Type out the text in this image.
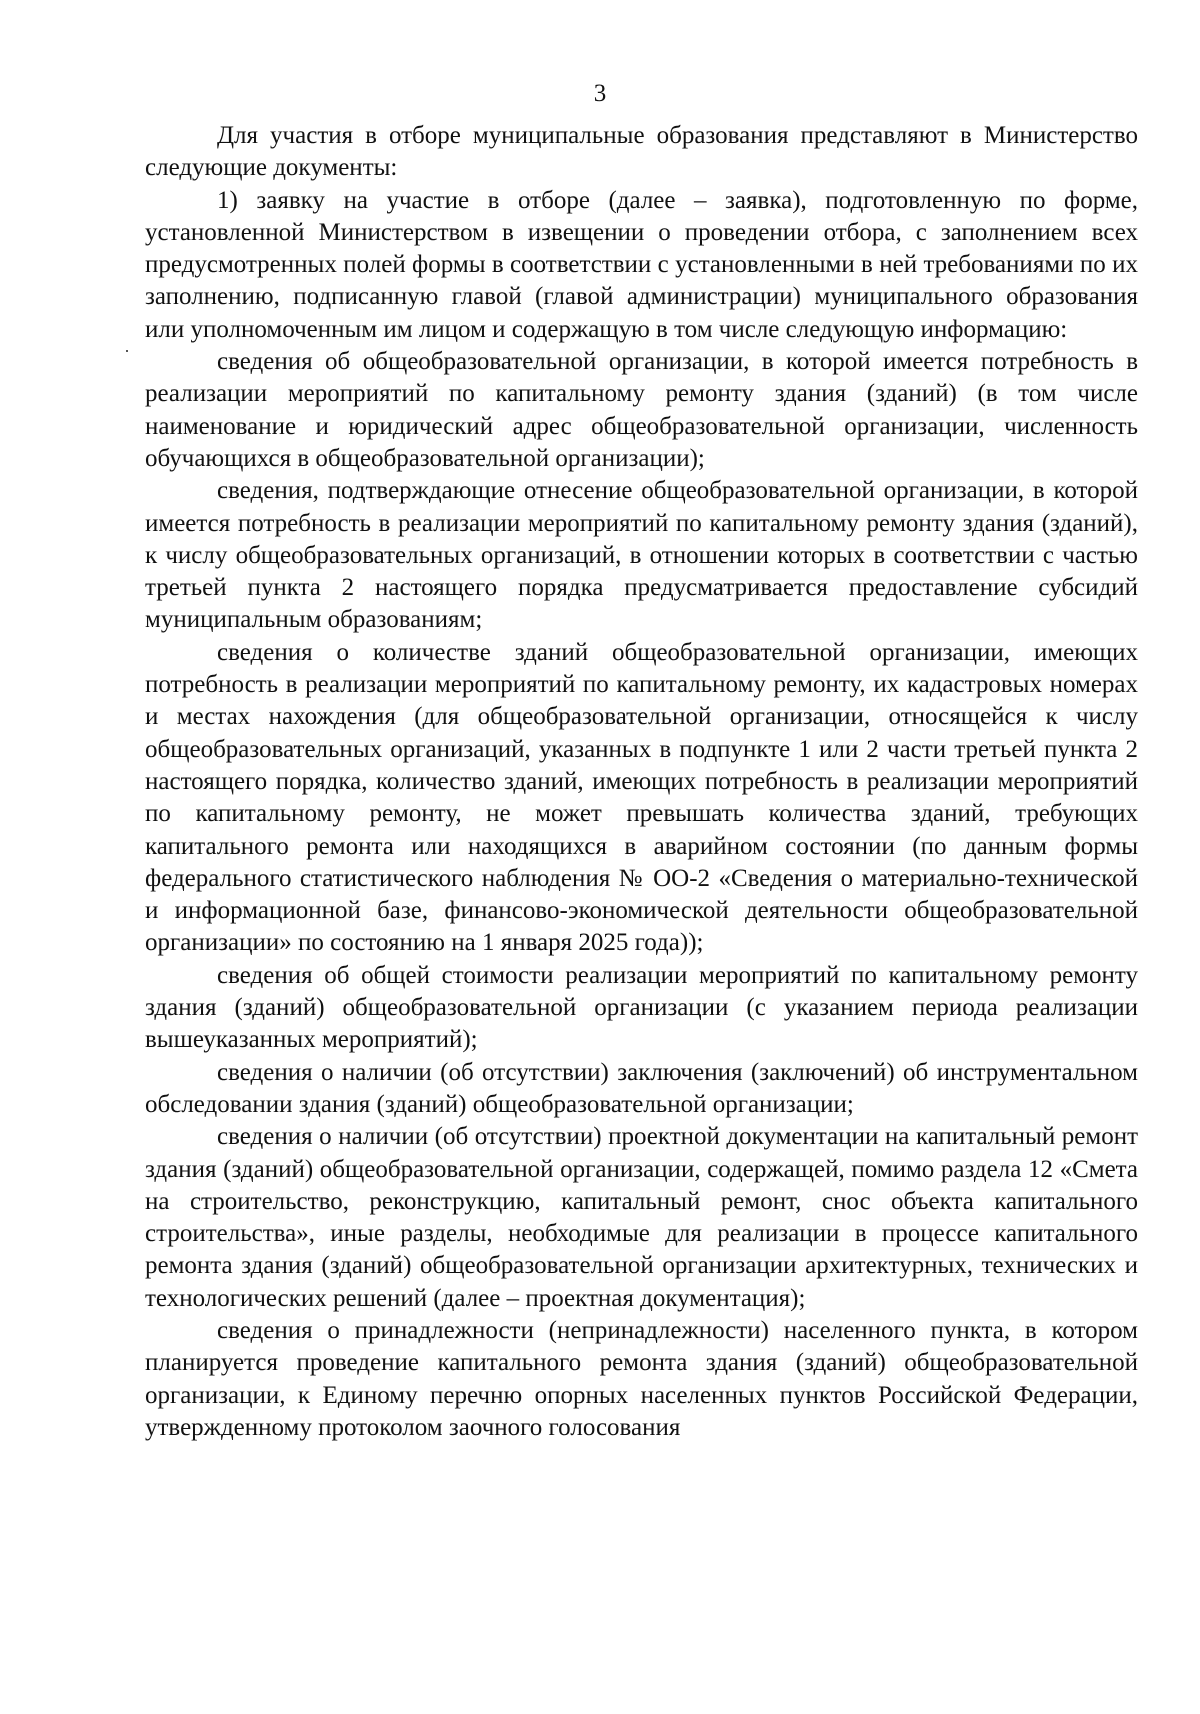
3

Для участия в отборе муниципальные образования представляют в Министерство следующие документы:

1) заявку на участие в отборе (далее – заявка), подготовленную по форме, установленной Министерством в извещении о проведении отбора, с заполнением всех предусмотренных полей формы в соответствии с установленными в ней требованиями по их заполнению, подписанную главой (главой администрации) муниципального образования или уполномоченным им лицом и содержащую в том числе следующую информацию:

сведения об общеобразовательной организации, в которой имеется потребность в реализации мероприятий по капитальному ремонту здания (зданий) (в том числе наименование и юридический адрес общеобразовательной организации, численность обучающихся в общеобразовательной организации);

сведения, подтверждающие отнесение общеобразовательной организации, в которой имеется потребность в реализации мероприятий по капитальному ремонту здания (зданий), к числу общеобразовательных организаций, в отношении которых в соответствии с частью третьей пункта 2 настоящего порядка предусматривается предоставление субсидий муниципальным образованиям;

сведения о количестве зданий общеобразовательной организации, имеющих потребность в реализации мероприятий по капитальному ремонту, их кадастровых номерах и местах нахождения (для общеобразовательной организации, относящейся к числу общеобразовательных организаций, указанных в подпункте 1 или 2 части третьей пункта 2 настоящего порядка, количество зданий, имеющих потребность в реализации мероприятий по капитальному ремонту, не может превышать количества зданий, требующих капитального ремонта или находящихся в аварийном состоянии (по данным формы федерального статистического наблюдения № ОО-2 «Сведения о материально-технической и информационной базе, финансово-экономической деятельности общеобразовательной организации» по состоянию на 1 января 2025 года));

сведения об общей стоимости реализации мероприятий по капитальному ремонту здания (зданий) общеобразовательной организации (с указанием периода реализации вышеуказанных мероприятий);

сведения о наличии (об отсутствии) заключения (заключений) об инструментальном обследовании здания (зданий) общеобразовательной организации;

сведения о наличии (об отсутствии) проектной документации на капитальный ремонт здания (зданий) общеобразовательной организации, содержащей, помимо раздела 12 «Смета на строительство, реконструкцию, капитальный ремонт, снос объекта капитального строительства», иные разделы, необходимые для реализации в процессе капитального ремонта здания (зданий) общеобразовательной организации архитектурных, технических и технологических решений (далее – проектная документация);

сведения о принадлежности (непринадлежности) населенного пункта, в котором планируется проведение капитального ремонта здания (зданий) общеобразовательной организации, к Единому перечню опорных населенных пунктов Российской Федерации, утвержденному протоколом заочного голосования
